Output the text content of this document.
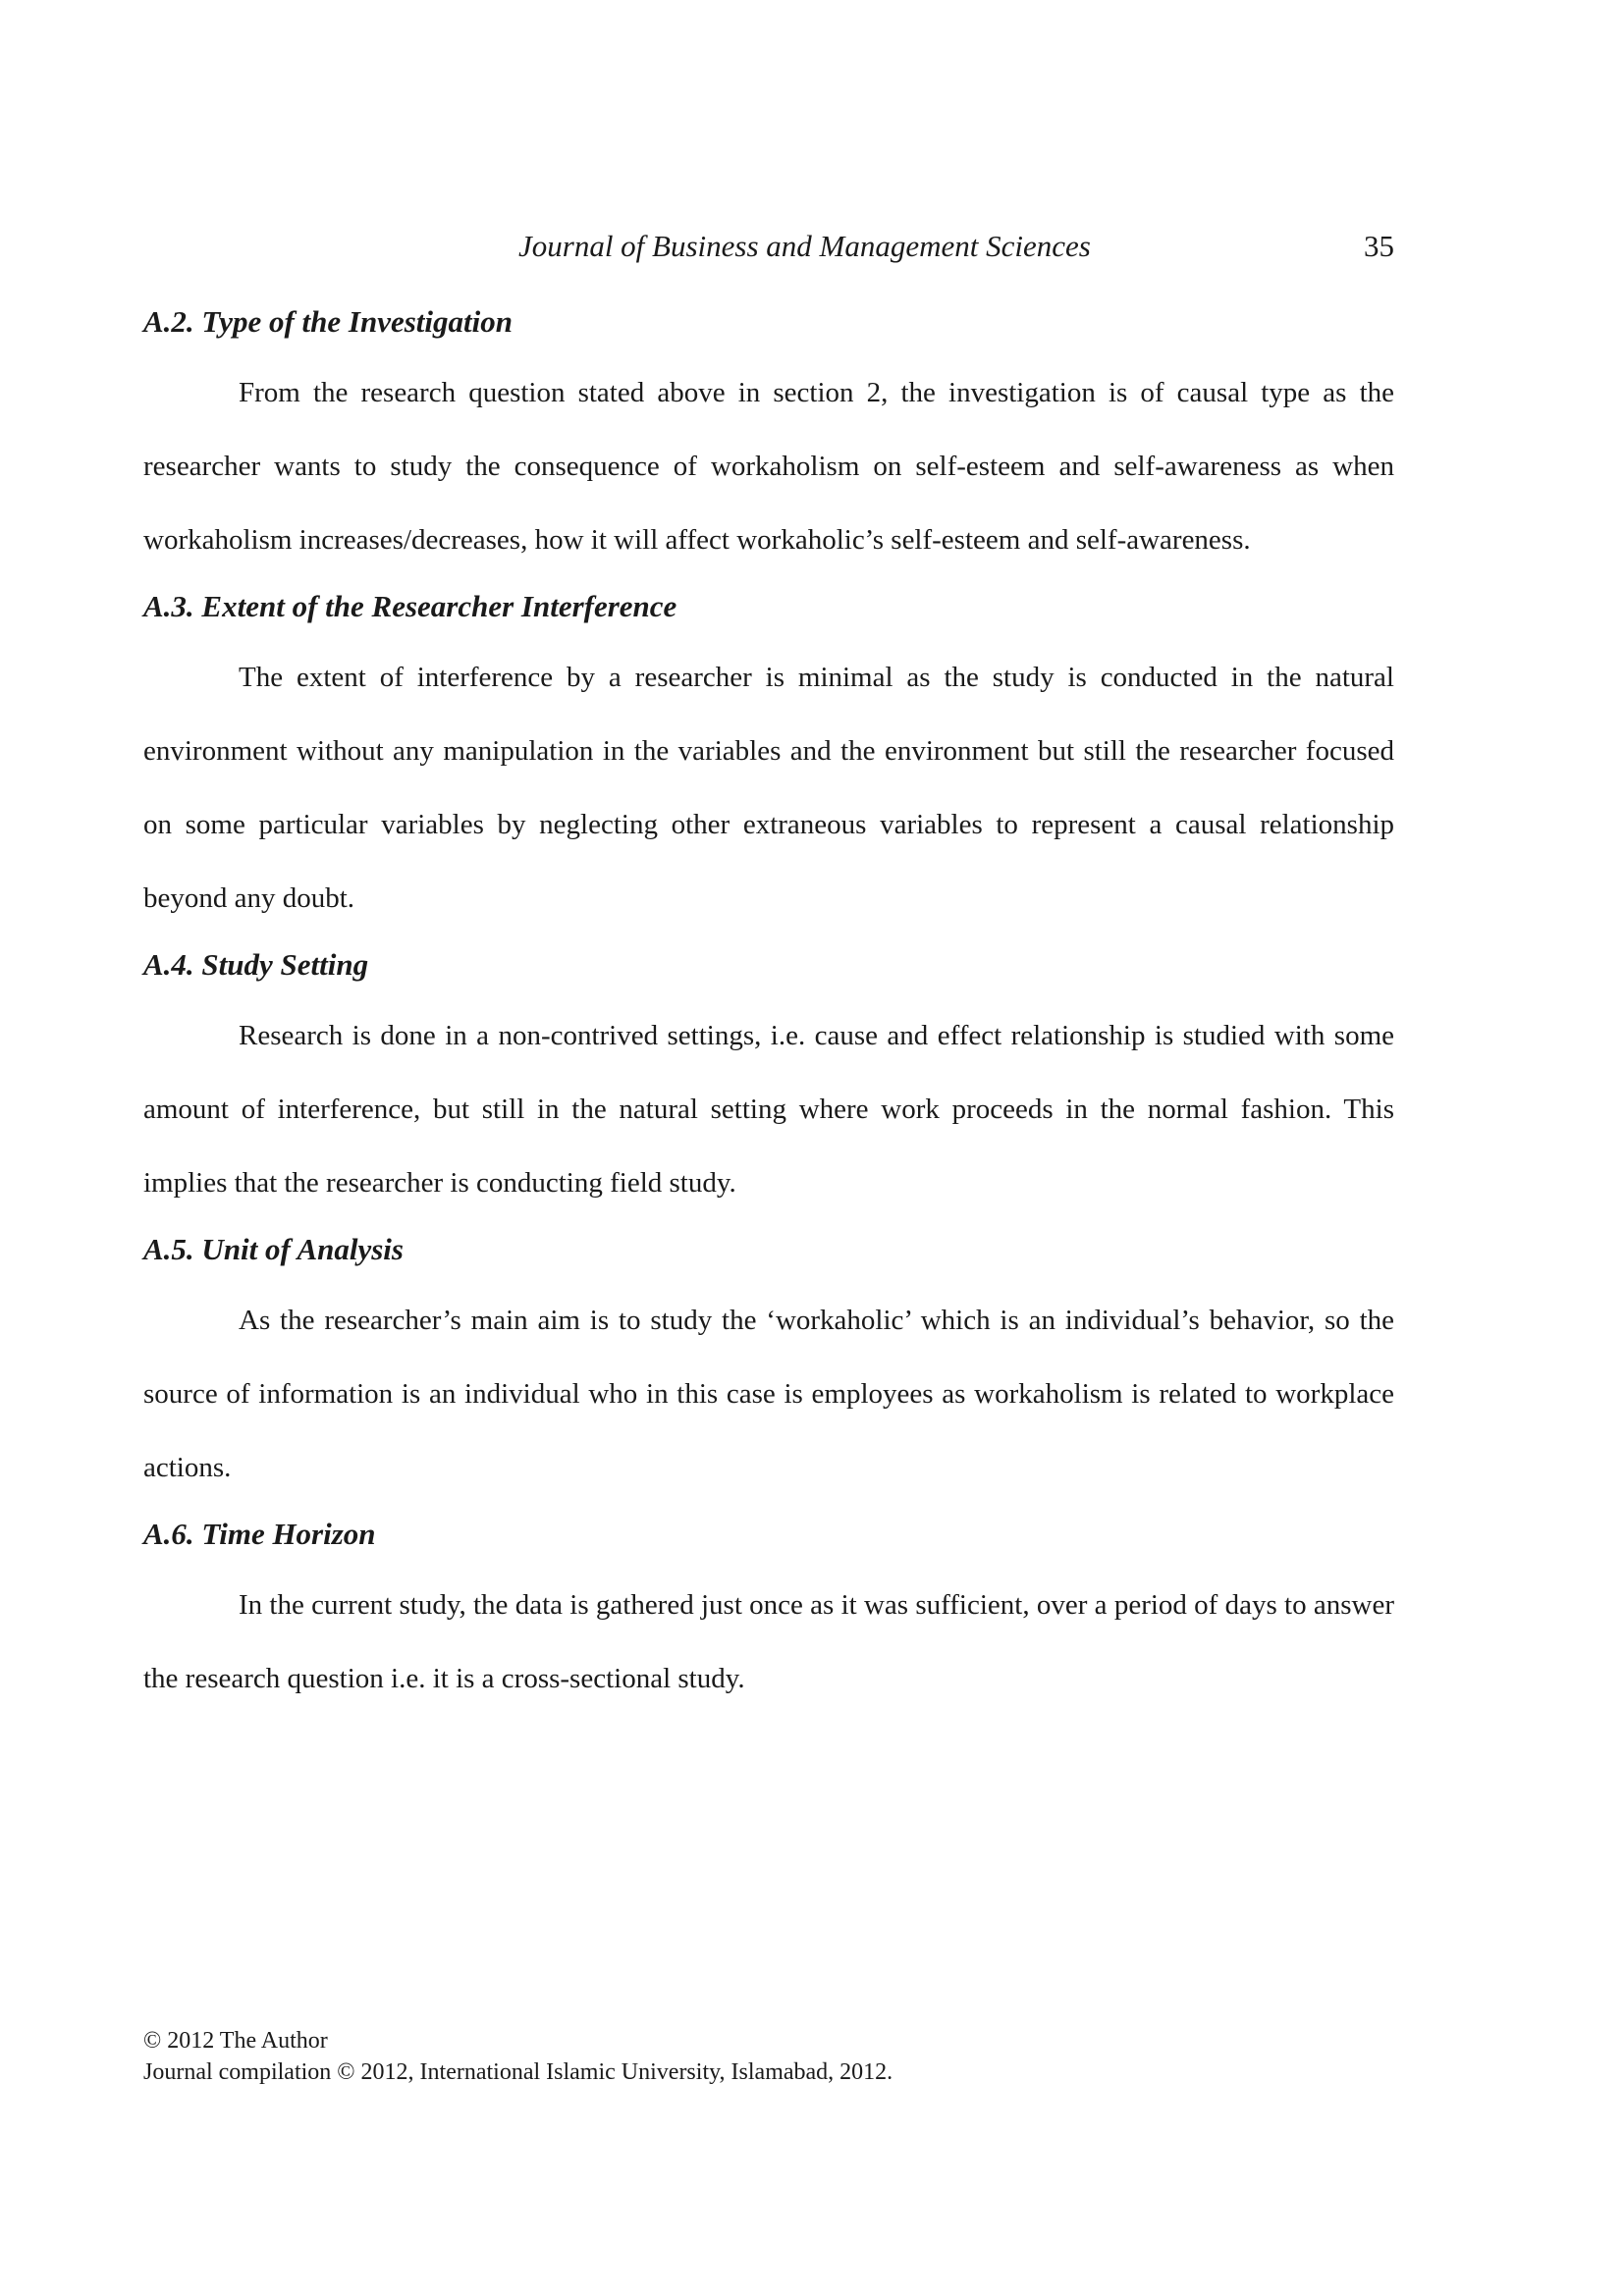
Journal of Business and Management Sciences	35
A.2. Type of the Investigation

From the research question stated above in section 2, the investigation is of causal type as the researcher wants to study the consequence of workaholism on self-esteem and self-awareness as when workaholism increases/decreases, how it will affect workaholic’s self-esteem and self-awareness.

A.3. Extent of the Researcher Interference

The extent of interference by a researcher is minimal as the study is conducted in the natural environment without any manipulation in the variables and the environment but still the researcher focused on some particular variables by neglecting other extraneous variables to represent a causal relationship beyond any doubt.

A.4. Study Setting

Research is done in a non-contrived settings, i.e. cause and effect relationship is studied with some amount of interference, but still in the natural setting where work proceeds in the normal fashion. This implies that the researcher is conducting field study.

A.5. Unit of Analysis

As the researcher’s main aim is to study the ‘workaholic’ which is an individual’s behavior, so the source of information is an individual who in this case is employees as workaholism is related to workplace actions.

A.6. Time Horizon

In the current study, the data is gathered just once as it was sufficient, over a period of days to answer the research question i.e. it is a cross-sectional study.

© 2012 The Author
Journal compilation © 2012, International Islamic University, Islamabad, 2012.
